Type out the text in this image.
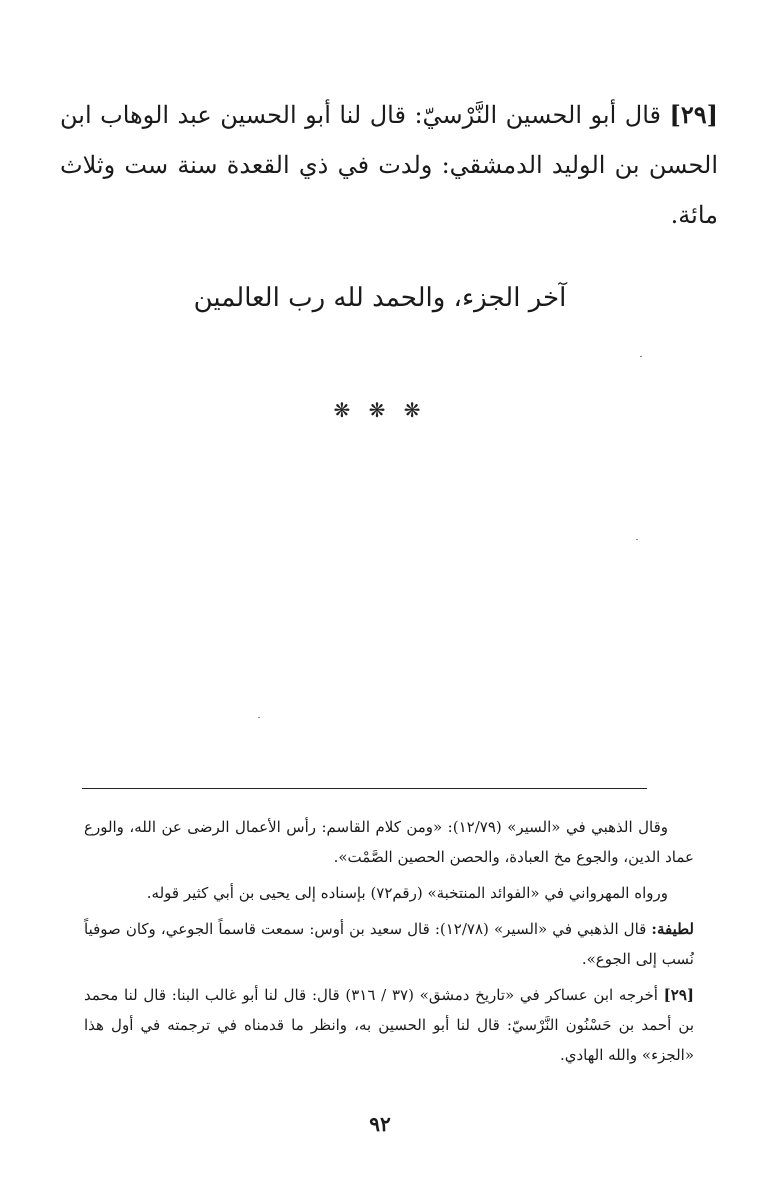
[٢٩] قال أبو الحسين النَّرْسيّ: قال لنا أبو الحسين عبد الوهاب ابن الحسن بن الوليد الدمشقي: ولدت في ذي القعدة سنة ست وثلاث مائة.
آخر الجزء، والحمد لله رب العالمين
❋ ❋ ❋

وقال الذهبي في «السير» (١٢/٧٩): «ومن كلام القاسم: رأس الأعمال الرضى عن الله، والورع عماد الدين، والجوع مخ العبادة، والحصن الحصين الصَّمْت».

ورواه المهرواني في «الفوائد المنتخبة» (رقم٧٢) بإسناده إلى يحيى بن أبي كثير قوله.

لطيفة: قال الذهبي في «السير» (١٢/٧٨): قال سعيد بن أوس: سمعت قاسماً الجوعي، وكان صوفياً نُسب إلى الجوع».

[٢٩] أخرجه ابن عساكر في «تاريخ دمشق» (٣٧ / ٣١٦) قال: قال لنا أبو غالب البنا: قال لنا محمد بن أحمد بن حَسْنُون النَّرْسيّ: قال لنا أبو الحسين به، وانظر ما قدمناه في ترجمته في أول هذا «الجزء» والله الهادي.

٩٢
